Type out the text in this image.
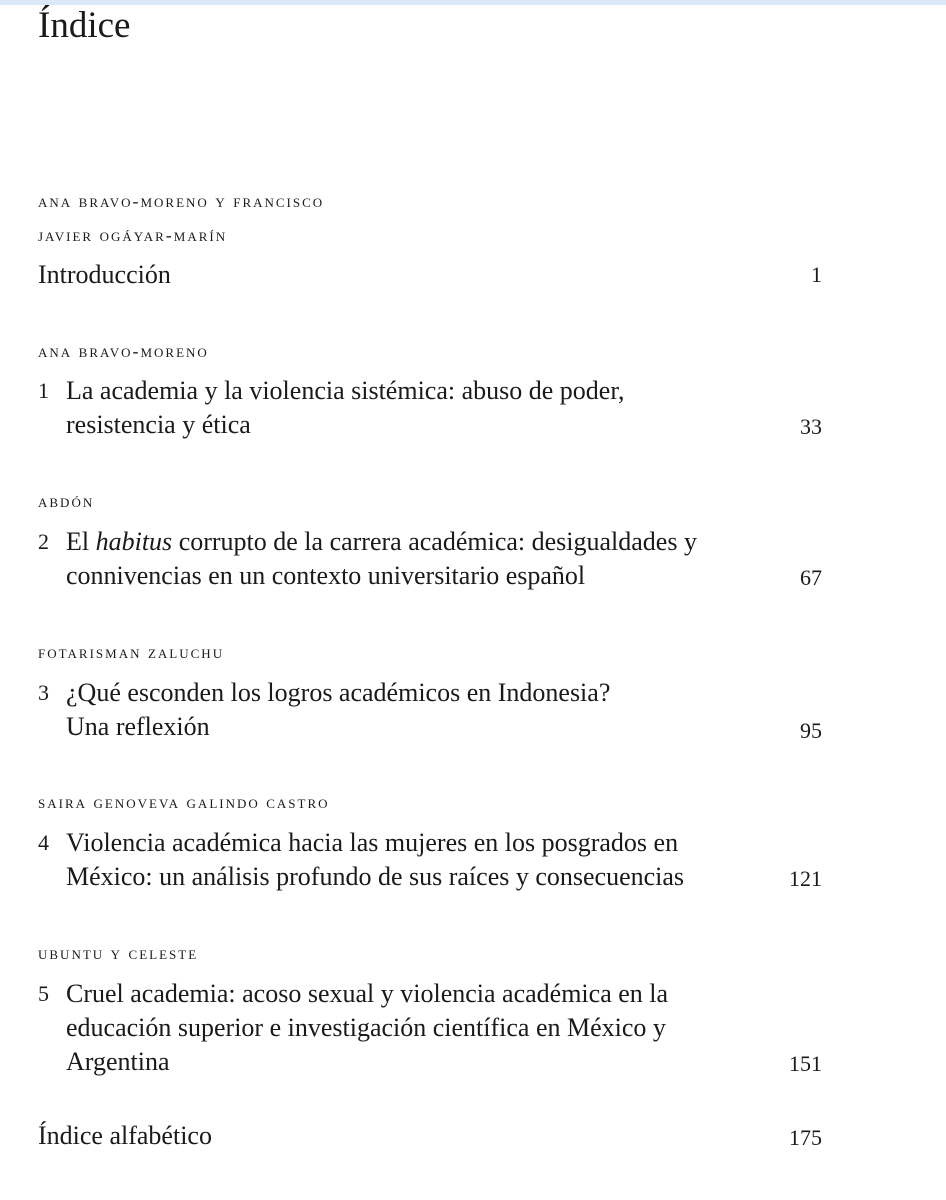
Índice
ana bravo-moreno y francisco
javier ogáyar-marín
Introducción	1
ana bravo-moreno
1 La academia y la violencia sistémica: abuso de poder, resistencia y ética	33
abdón
2 El habitus corrupto de la carrera académica: desigualdades y connivencias en un contexto universitario español	67
fotarisman zaluchu
3 ¿Qué esconden los logros académicos en Indonesia? Una reflexión	95
saira genoveva galindo castro
4 Violencia académica hacia las mujeres en los posgrados en México: un análisis profundo de sus raíces y consecuencias	121
ubuntu y celeste
5 Cruel academia: acoso sexual y violencia académica en la educación superior e investigación científica en México y Argentina	151
Índice alfabético	175
